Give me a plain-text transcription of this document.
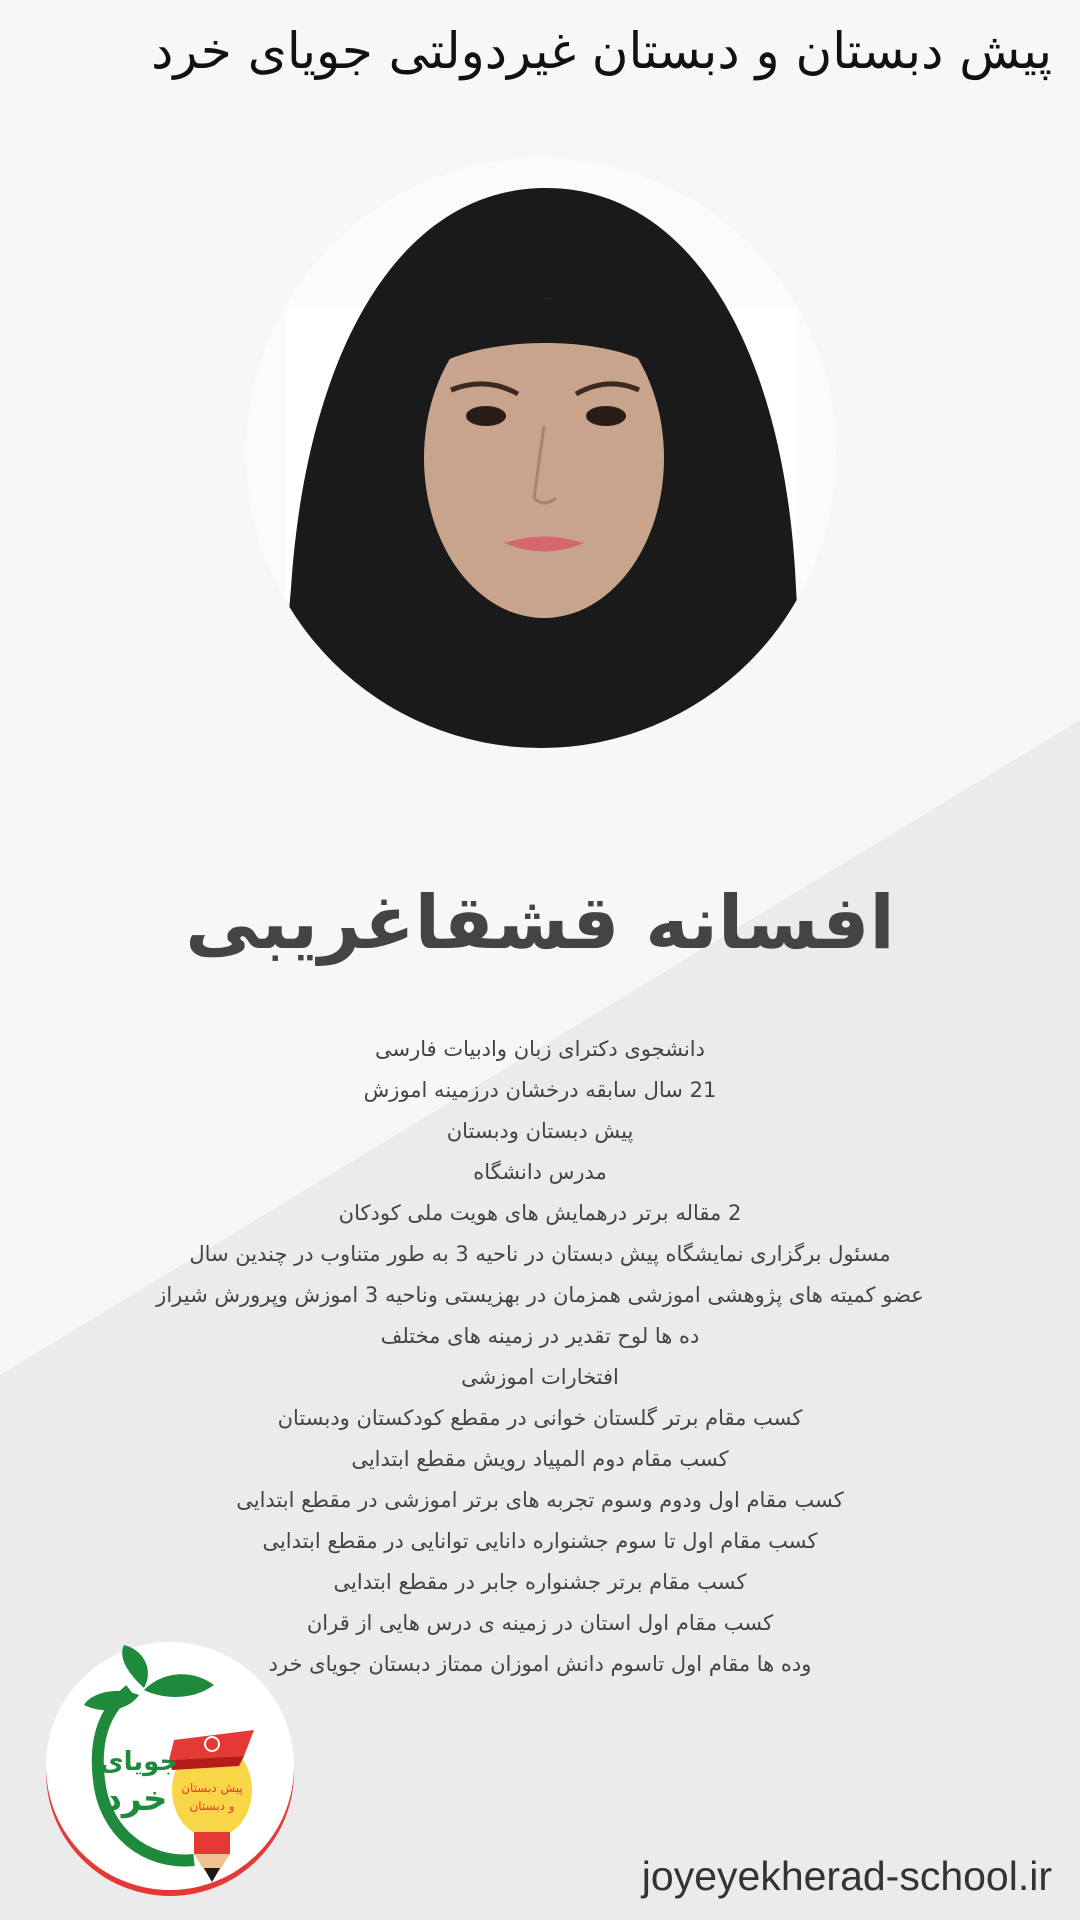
پیش دبستان و دبستان غیردولتی جویای خرد
افسانه قشقاغریبی
دانشجوی دکترای زبان وادبیات فارسی
21 سال سابقه درخشان درزمینه اموزش
پیش دبستان ودبستان
مدرس دانشگاه
2 مقاله برتر درهمایش های هویت ملی کودکان
مسئول برگزاری نمایشگاه پیش دبستان در ناحیه 3 به طور متناوب در چندین سال
عضو کمیته های پژوهشی اموزشی همزمان در بهزیستی وناحیه 3 اموزش وپرورش شیراز
ده ها لوح تقدیر در زمینه های مختلف
افتخارات اموزشی
کسب مقام برتر گلستان خوانی در مقطع کودکستان ودبستان
کسب مقام دوم المپیاد رویش مقطع ابتدایی
کسب مقام اول ودوم وسوم تجربه های برتر اموزشی در مقطع ابتدایی
کسب مقام اول تا سوم جشنواره دانایی توانایی در مقطع ابتدایی
کسب مقام برتر جشنواره جابر در مقطع ابتدایی
کسب مقام اول استان در زمینه ی درس هایی از قران
وده ها مقام اول تاسوم دانش اموزان ممتاز دبستان جویای خرد
جویای
خرد پیش دبستان
و دبستان
joyeyekherad-school.ir
